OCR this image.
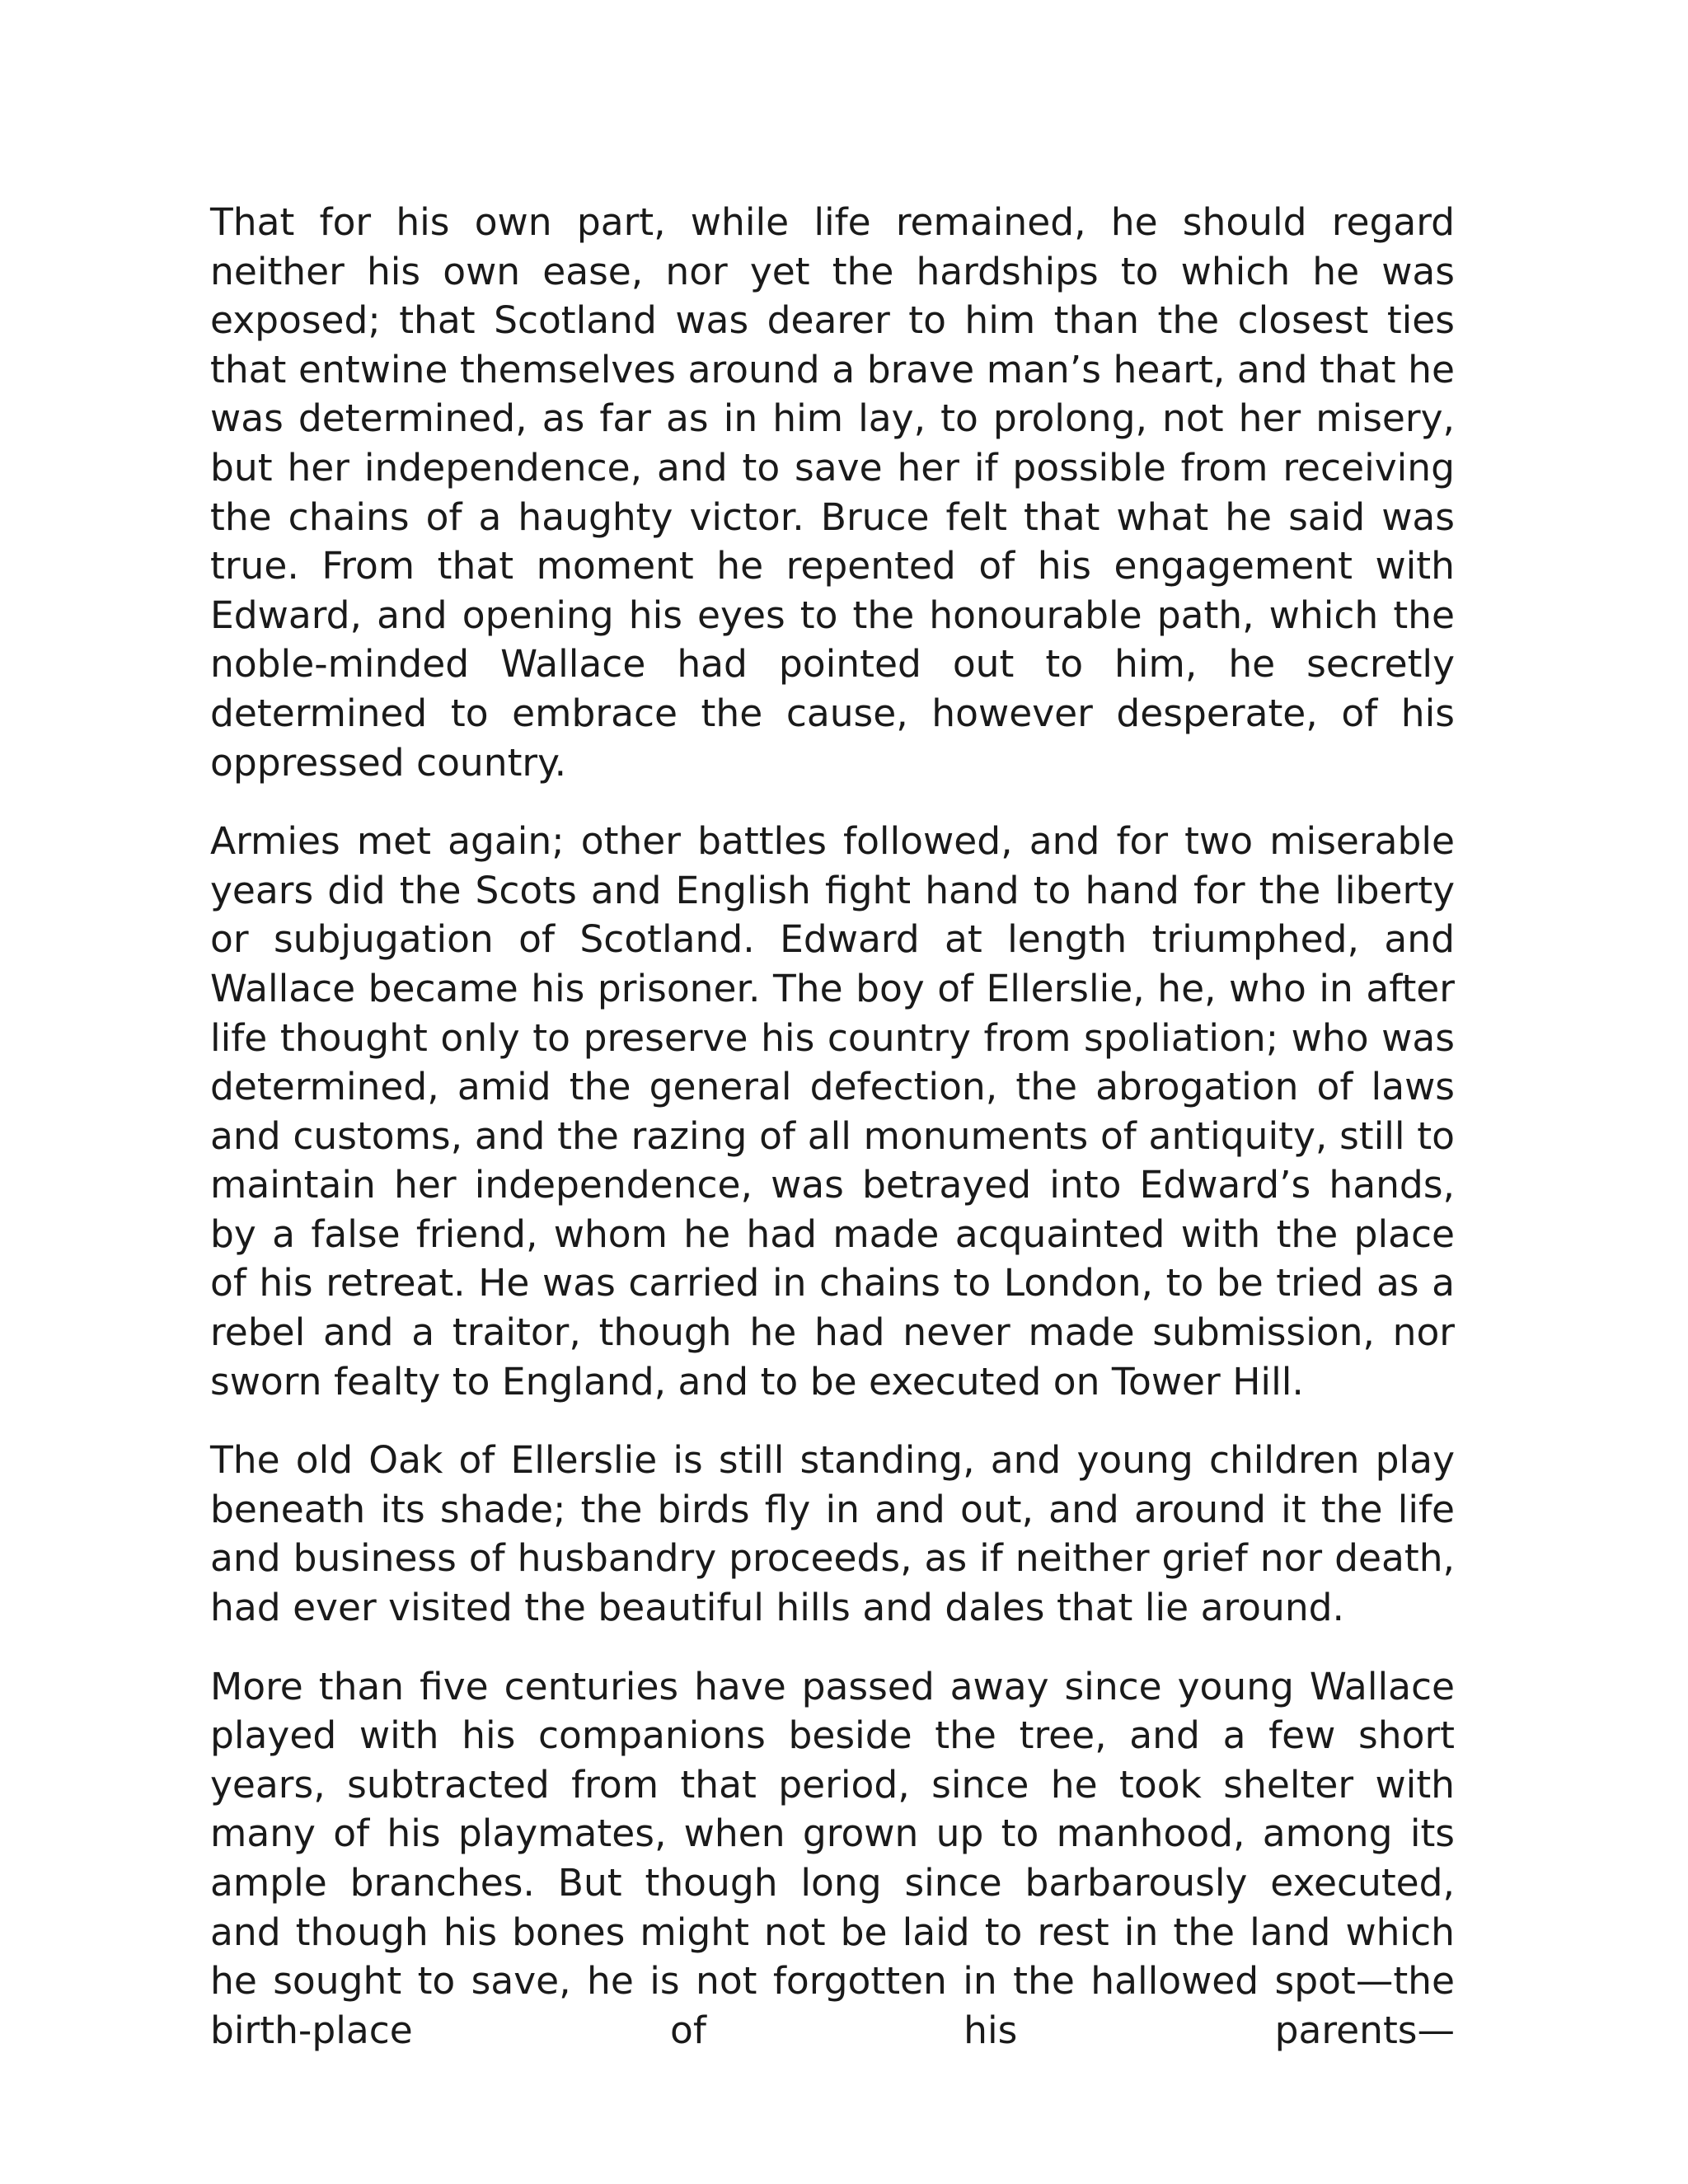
That for his own part, while life remained, he should regard neither his own ease, nor yet the hardships to which he was exposed; that Scotland was dearer to him than the closest ties that entwine themselves around a brave man’s heart, and that he was determined, as far as in him lay, to prolong, not her misery, but her independence, and to save her if possible from receiving the chains of a haughty victor. Bruce felt that what he said was true. From that moment he repented of his engagement with Edward, and opening his eyes to the honourable path, which the noble-minded Wallace had pointed out to him, he secretly determined to embrace the cause, however desperate, of his oppressed country.

Armies met again; other battles followed, and for two miserable years did the Scots and English fight hand to hand for the liberty or subjugation of Scotland. Edward at length triumphed, and Wallace became his prisoner. The boy of Ellerslie, he, who in after life thought only to preserve his country from spoliation; who was determined, amid the general defection, the abrogation of laws and customs, and the razing of all monuments of antiquity, still to maintain her independence, was betrayed into Edward’s hands, by a false friend, whom he had made acquainted with the place of his retreat. He was carried in chains to London, to be tried as a rebel and a traitor, though he had never made submission, nor sworn fealty to England, and to be executed on Tower Hill.

The old Oak of Ellerslie is still standing, and young children play beneath its shade; the birds fly in and out, and around it the life and business of husbandry proceeds, as if neither grief nor death, had ever visited the beautiful hills and dales that lie around.

More than five centuries have passed away since young Wallace played with his companions beside the tree, and a few short years, subtracted from that period, since he took shelter with many of his playmates, when grown up to manhood, among its ample branches. But though long since barbarously executed, and though his bones might not be laid to rest in the land which he sought to save, he is not forgotten in the hallowed spot—the birth-place of his parents—
